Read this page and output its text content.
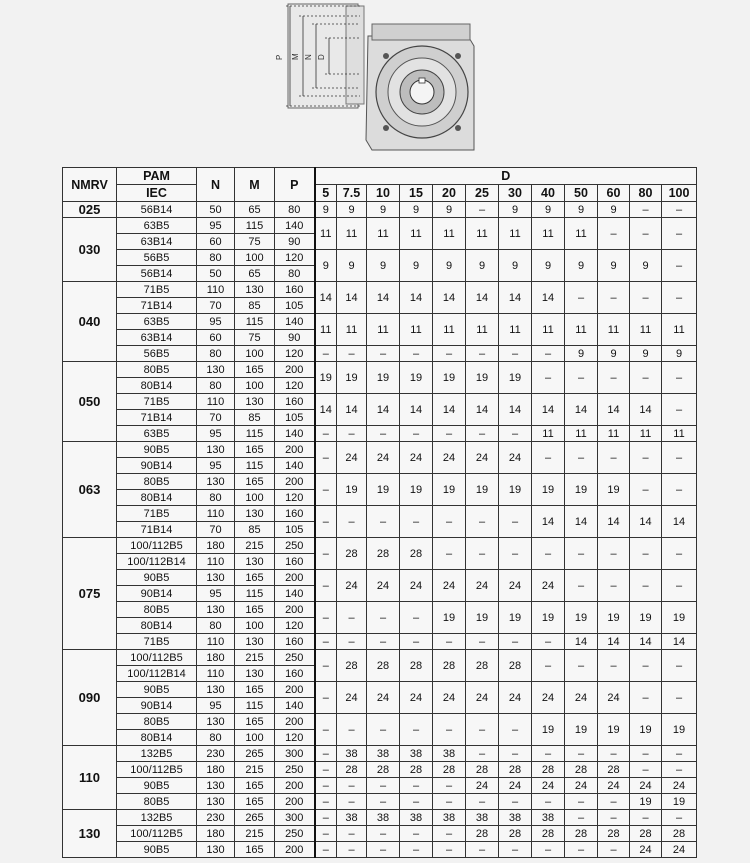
P M N D
NMRV	PAM	N	M	P	D											
	IEC				5	7.5	10	15	20	25	30	40	50	60	80	100
025	56B14	50	65	80	9	9	9	9	9	–	9	9	9	9	–	–
030	63B5	95	115	140	11	11	11	11	11	11	11	11	11	–	–	–
	63B14	60	75	90												
	56B5	80	100	120	9	9	9	9	9	9	9	9	9	9	9	–
	56B14	50	65	80												
040	71B5	110	130	160	14	14	14	14	14	14	14	14	–	–	–	–
	71B14	70	85	105												
	63B5	95	115	140	11	11	11	11	11	11	11	11	11	11	11	11
	63B14	60	75	90												
	56B5	80	100	120	–	–	–	–	–	–	–	–	9	9	9	9
050	80B5	130	165	200	19	19	19	19	19	19	19	–	–	–	–	–
	80B14	80	100	120												
	71B5	110	130	160	14	14	14	14	14	14	14	14	14	14	14	–
	71B14	70	85	105												
	63B5	95	115	140	–	–	–	–	–	–	–	11	11	11	11	11
063	90B5	130	165	200	–	24	24	24	24	24	24	–	–	–	–	–
	90B14	95	115	140												
	80B5	130	165	200	–	19	19	19	19	19	19	19	19	19	–	–
	80B14	80	100	120												
	71B5	110	130	160	–	–	–	–	–	–	–	14	14	14	14	14
	71B14	70	85	105												
075	100/112B5	180	215	250	–	28	28	28	–	–	–	–	–	–	–	–
	100/112B14	110	130	160												
	90B5	130	165	200	–	24	24	24	24	24	24	24	–	–	–	–
	90B14	95	115	140												
	80B5	130	165	200	–	–	–	–	19	19	19	19	19	19	19	19
	80B14	80	100	120												
	71B5	110	130	160	–	–	–	–	–	–	–	–	14	14	14	14
090	100/112B5	180	215	250	–	28	28	28	28	28	28	–	–	–	–	–
	100/112B14	110	130	160												
	90B5	130	165	200	–	24	24	24	24	24	24	24	24	24	–	–
	90B14	95	115	140												
	80B5	130	165	200	–	–	–	–	–	–	–	19	19	19	19	19
	80B14	80	100	120												
110	132B5	230	265	300	–	38	38	38	38	–	–	–	–	–	–	–
	100/112B5	180	215	250	–	28	28	28	28	28	28	28	28	28	–	–
	90B5	130	165	200	–	–	–	–	–	24	24	24	24	24	24	24
	80B5	130	165	200	–	–	–	–	–	–	–	–	–	–	19	19
130	132B5	230	265	300	–	38	38	38	38	38	38	38	–	–	–	–
	100/112B5	180	215	250	–	–	–	–	–	28	28	28	28	28	28	28
	90B5	130	165	200	–	–	–	–	–	–	–	–	–	–	24	24
